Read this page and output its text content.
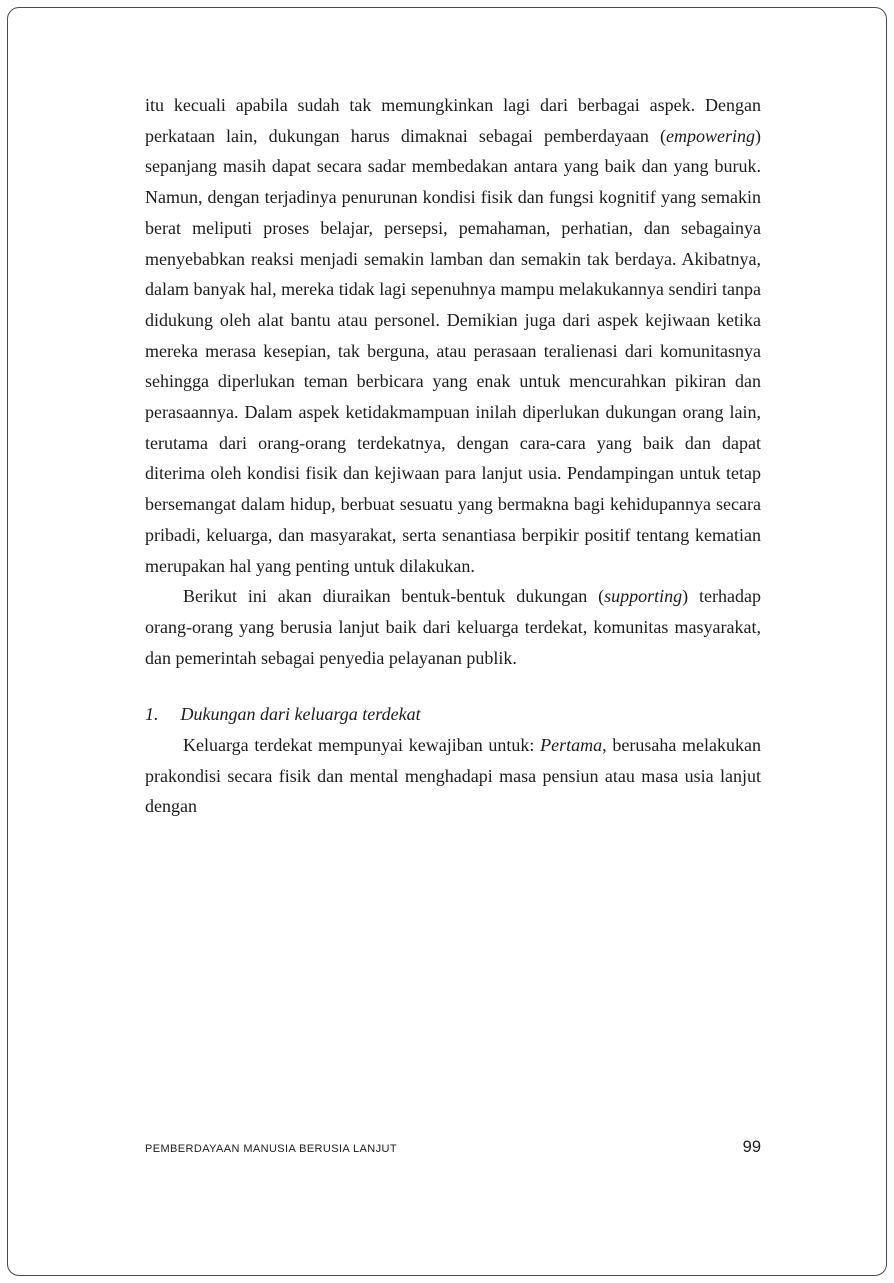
itu kecuali apabila sudah tak memungkinkan lagi dari berbagai aspek. Dengan perkataan lain, dukungan harus dimaknai sebagai pemberdayaan (empowering) sepanjang masih dapat secara sadar membedakan antara yang baik dan yang buruk. Namun, dengan terjadinya penurunan kondisi fisik dan fungsi kognitif yang semakin berat meliputi proses belajar, persepsi, pemahaman, perhatian, dan sebagainya menyebabkan reaksi menjadi semakin lamban dan semakin tak berdaya. Akibatnya, dalam banyak hal, mereka tidak lagi sepenuhnya mampu melakukannya sendiri tanpa didukung oleh alat bantu atau personel. Demikian juga dari aspek kejiwaan ketika mereka merasa kesepian, tak berguna, atau perasaan teralienasi dari komunitasnya sehingga diperlukan teman berbicara yang enak untuk mencurahkan pikiran dan perasaannya. Dalam aspek ketidakmampuan inilah diperlukan dukungan orang lain, terutama dari orang-orang terdekatnya, dengan cara-cara yang baik dan dapat diterima oleh kondisi fisik dan kejiwaan para lanjut usia. Pendampingan untuk tetap bersemangat dalam hidup, berbuat sesuatu yang bermakna bagi kehidupannya secara pribadi, keluarga, dan masyarakat, serta senantiasa berpikir positif tentang kematian merupakan hal yang penting untuk dilakukan.

Berikut ini akan diuraikan bentuk-bentuk dukungan (supporting) terhadap orang-orang yang berusia lanjut baik dari keluarga terdekat, komunitas masyarakat, dan pemerintah sebagai penyedia pelayanan publik.

1. Dukungan dari keluarga terdekat

Keluarga terdekat mempunyai kewajiban untuk: Pertama, berusaha melakukan prakondisi secara fisik dan mental menghadapi masa pensiun atau masa usia lanjut dengan

PEMBERDAYAAN MANUSIA BERUSIA LANJUT	99
